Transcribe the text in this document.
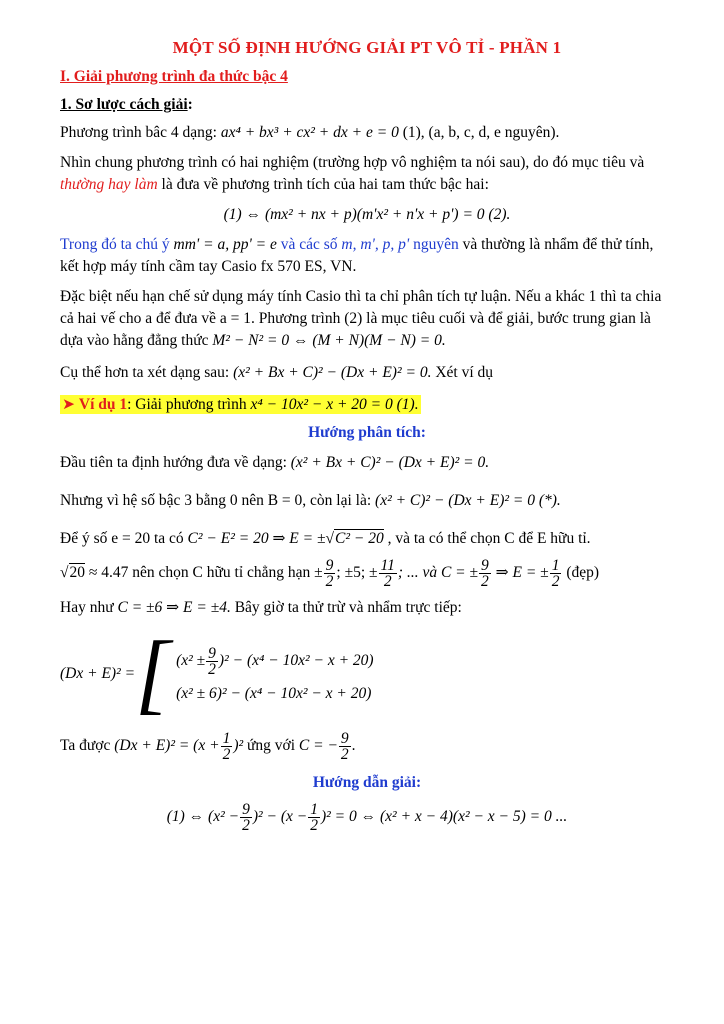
MỘT SỐ ĐỊNH HƯỚNG GIẢI PT VÔ TỈ - PHẦN 1
I. Giải phương trình đa thức bậc 4
1. Sơ lược cách giải:

Phương trình bâc 4 dạng: ax⁴ + bx³ + cx² + dx + e = 0 (1), (a, b, c, d, e nguyên).

Nhìn chung phương trình có hai nghiệm (trường hợp vô nghiệm ta nói sau), do đó mục tiêu và thường hay làm là đưa về phương trình tích của hai tam thức bậc hai:

(1) ⇔ (mx² + nx + p)(m'x² + n'x + p') = 0 (2).

Trong đó ta chú ý mm' = a, pp' = e và các số m, m', p, p' nguyên và thường là nhẩm để thử tính, kết hợp máy tính cầm tay Casio fx 570 ES, VN.

Đặc biệt nếu hạn chế sử dụng máy tính Casio thì ta chỉ phân tích tự luận. Nếu a khác 1 thì ta chia cả hai vế cho a để đưa về a = 1. Phương trình (2) là mục tiêu cuối và để giải, bước trung gian là dựa vào hằng đẳng thức M² − N² = 0 ⇔ (M + N)(M − N) = 0.

Cụ thể hơn ta xét dạng sau: (x² + Bx + C)² − (Dx + E)² = 0. Xét ví dụ

➤ Ví dụ 1: Giải phương trình x⁴ − 10x² − x + 20 = 0 (1).

Hướng phân tích:

Đầu tiên ta định hướng đưa về dạng: (x² + Bx + C)² − (Dx + E)² = 0.

Nhưng vì hệ số bậc 3 bằng 0 nên B = 0, còn lại là: (x² + C)² − (Dx + E)² = 0 (*).

Để ý số e = 20 ta có C² − E² = 20 ⇒ E = ±√C² − 20 , và ta có thể chọn C để E hữu tỉ.

√20 ≈ 4.47 nên chọn C hữu tỉ chẳng hạn ± $\frac{9}{2}$ ; ±5; ± $\frac{11}{2}$ ; ... và C = ± $\frac{9}{2}$ ⇒ E = ± $\frac{1}{2}$ (đẹp)

Hay như C = ±6 ⇒ E = ±4. Bây giờ ta thử trừ và nhẩm trực tiếp:

(Dx + E)² = [ $(x^2 \pm \frac{9}{2} )^2 - (x^4 - 10x^2 - x + 20)$
(x² ± 6)² − (x⁴ − 10x² − x + 20)

Ta được $(Dx + E)^2 = (x + \frac{1}{2} )^2$ ứng với C = − $\frac{9}{2}$ .

Hướng dẫn giải:

(1) ⇔ $(x^2 - \frac{9}{2} )^2 - (x - \frac{1}{2} )^2 = 0$ ⇔ (x² + x − 4)(x² − x − 5) = 0 ...
